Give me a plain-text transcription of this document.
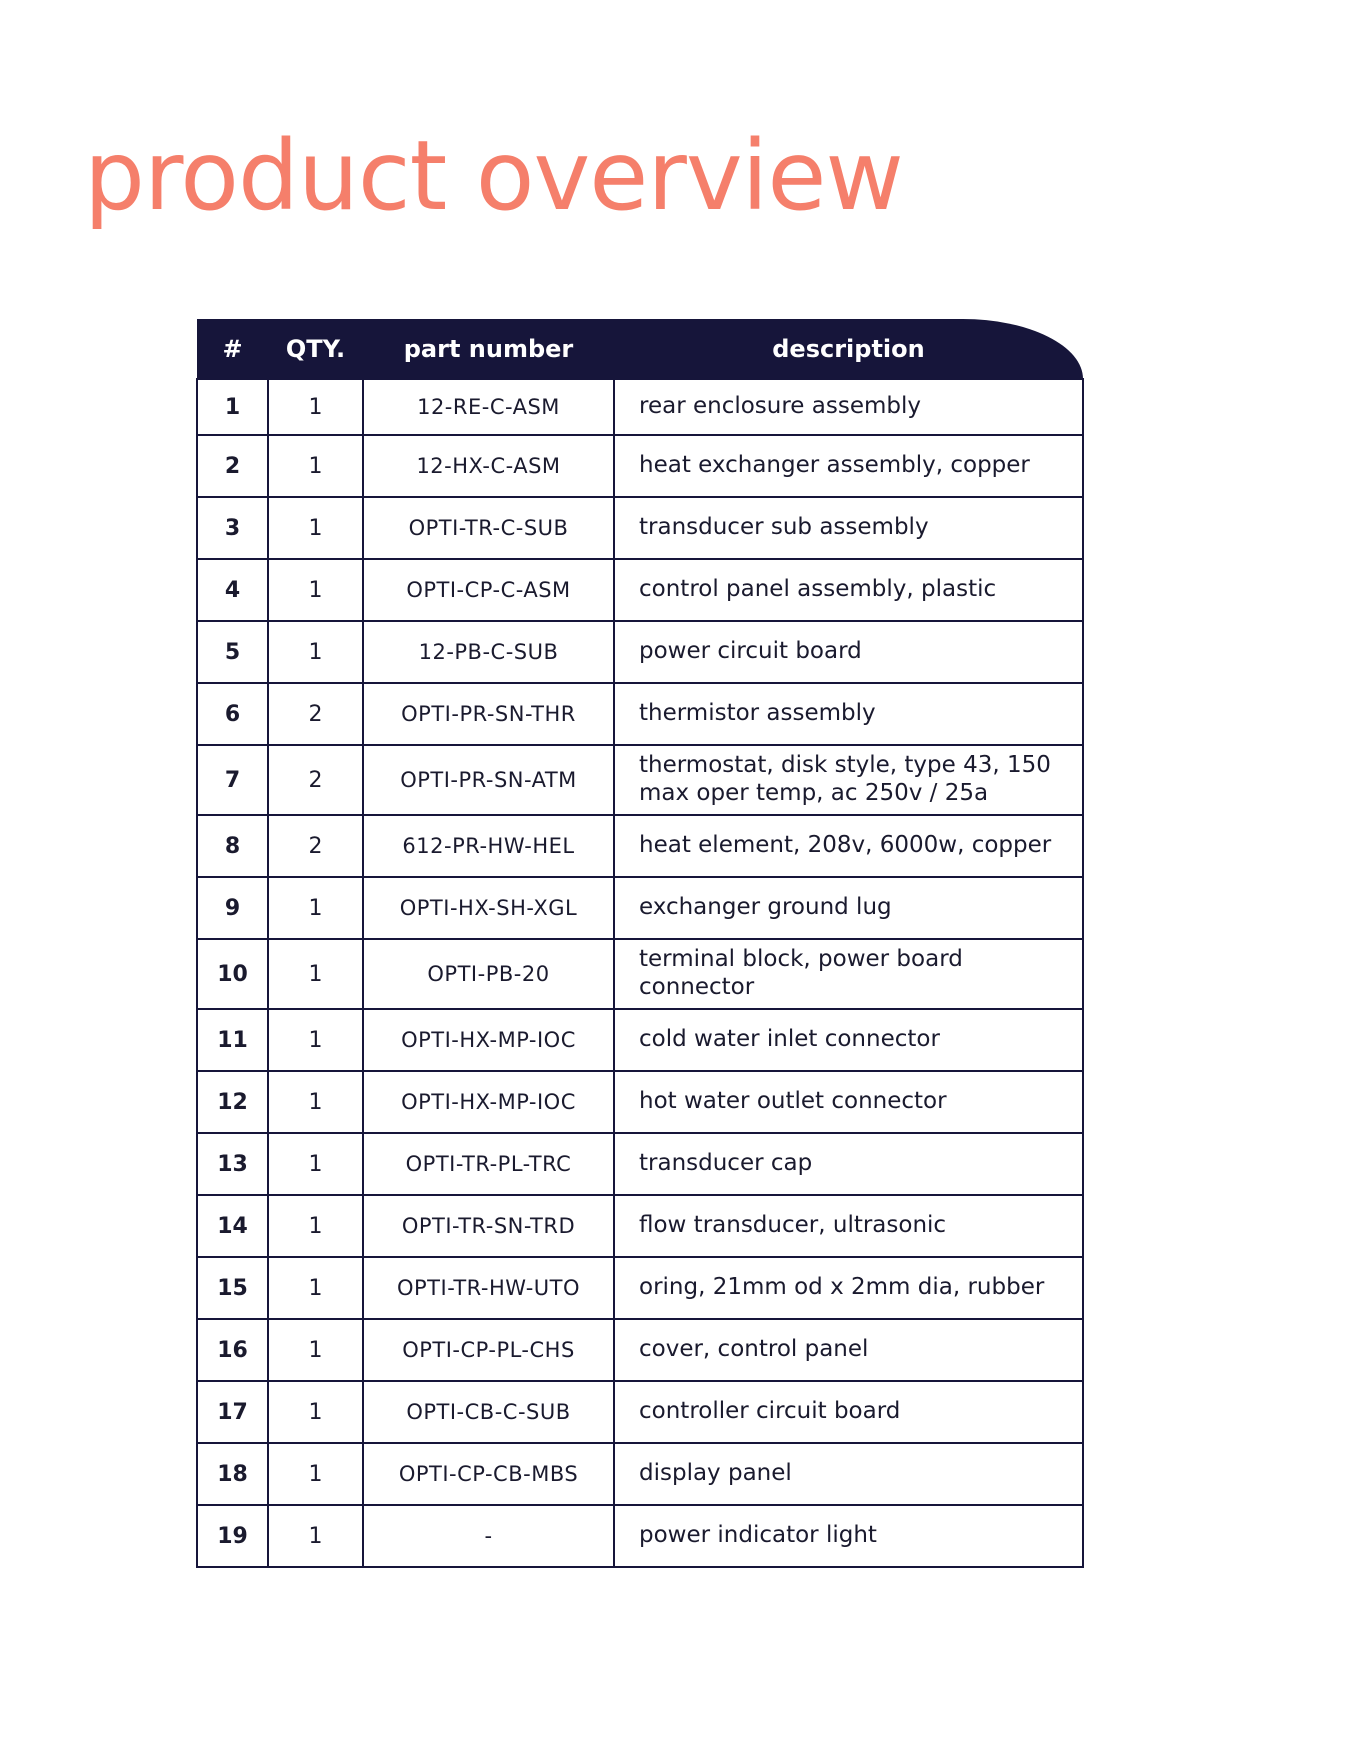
product overview
#	QTY.	part number	description
1	1	12-RE-C-ASM	rear enclosure assembly

2	1	12-HX-C-ASM	heat exchanger assembly, copper

3	1	OPTI-TR-C-SUB	transducer sub assembly

4	1	OPTI-CP-C-ASM	control panel assembly, plastic

5	1	12-PB-C-SUB	power circuit board

6	2	OPTI-PR-SN-THR	thermistor assembly

7	2	OPTI-PR-SN-ATM	thermostat, disk style, type 43, 150 max oper temp, ac 250v / 25a

8	2	612-PR-HW-HEL	heat element, 208v, 6000w, copper

9	1	OPTI-HX-SH-XGL	exchanger ground lug

10	1	OPTI-PB-20	terminal block, power board connector

11	1	OPTI-HX-MP-IOC	cold water inlet connector

12	1	OPTI-HX-MP-IOC	hot water outlet connector

13	1	OPTI-TR-PL-TRC	transducer cap

14	1	OPTI-TR-SN-TRD	flow transducer, ultrasonic

15	1	OPTI-TR-HW-UTO	oring, 21mm od x 2mm dia, rubber

16	1	OPTI-CP-PL-CHS	cover, control panel

17	1	OPTI-CB-C-SUB	controller circuit board

18	1	OPTI-CP-CB-MBS	display panel

19	1	-	power indicator light
